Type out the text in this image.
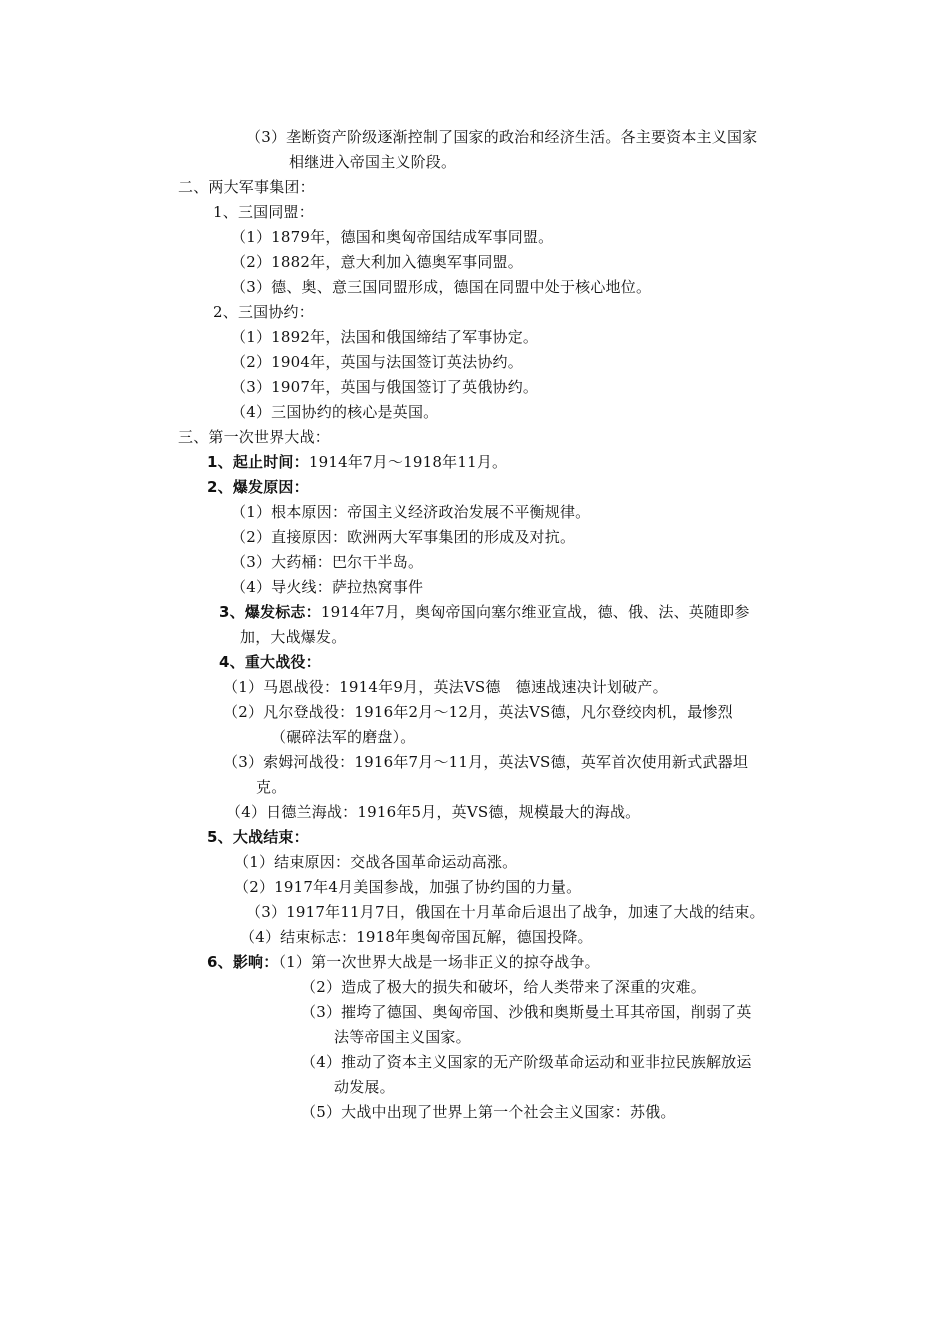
（3）垄断资产阶级逐渐控制了国家的政治和经济生活。各主要资本主义国家
相继进入帝国主义阶段。
二、两大军事集团：
1、三国同盟：
（1）1879年，德国和奥匈帝国结成军事同盟。
（2）1882年，意大利加入德奥军事同盟。
（3）德、奥、意三国同盟形成，德国在同盟中处于核心地位。
2、三国协约：
（1）1892年，法国和俄国缔结了军事协定。
（2）1904年，英国与法国签订英法协约。
（3）1907年，英国与俄国签订了英俄协约。
（4）三国协约的核心是英国。
三、第一次世界大战：
1、起止时间：1914年7月～1918年11月。
2、爆发原因：
（1）根本原因：帝国主义经济政治发展不平衡规律。
（2）直接原因：欧洲两大军事集团的形成及对抗。
（3）大药桶：巴尔干半岛。
（4）导火线：萨拉热窝事件
3、爆发标志：1914年7月，奥匈帝国向塞尔维亚宣战，德、俄、法、英随即参
加，大战爆发。
4、重大战役：
（1）马恩战役：1914年9月，英法VS德　德速战速决计划破产。
（2）凡尔登战役：1916年2月～12月，英法VS德，凡尔登绞肉机，最惨烈
（碾碎法军的磨盘）。
（3）索姆河战役：1916年7月～11月，英法VS德，英军首次使用新式武器坦
克。
（4）日德兰海战：1916年5月，英VS德，规模最大的海战。
5、大战结束：
（1）结束原因：交战各国革命运动高涨。
（2）1917年4月美国参战，加强了协约国的力量。
（3）1917年11月7日，俄国在十月革命后退出了战争，加速了大战的结束。
（4）结束标志：1918年奥匈帝国瓦解，德国投降。
6、影响：（1）第一次世界大战是一场非正义的掠夺战争。
（2）造成了极大的损失和破坏，给人类带来了深重的灾难。
（3）摧垮了德国、奥匈帝国、沙俄和奥斯曼土耳其帝国，削弱了英
法等帝国主义国家。
（4）推动了资本主义国家的无产阶级革命运动和亚非拉民族解放运
动发展。
（5）大战中出现了世界上第一个社会主义国家：苏俄。
